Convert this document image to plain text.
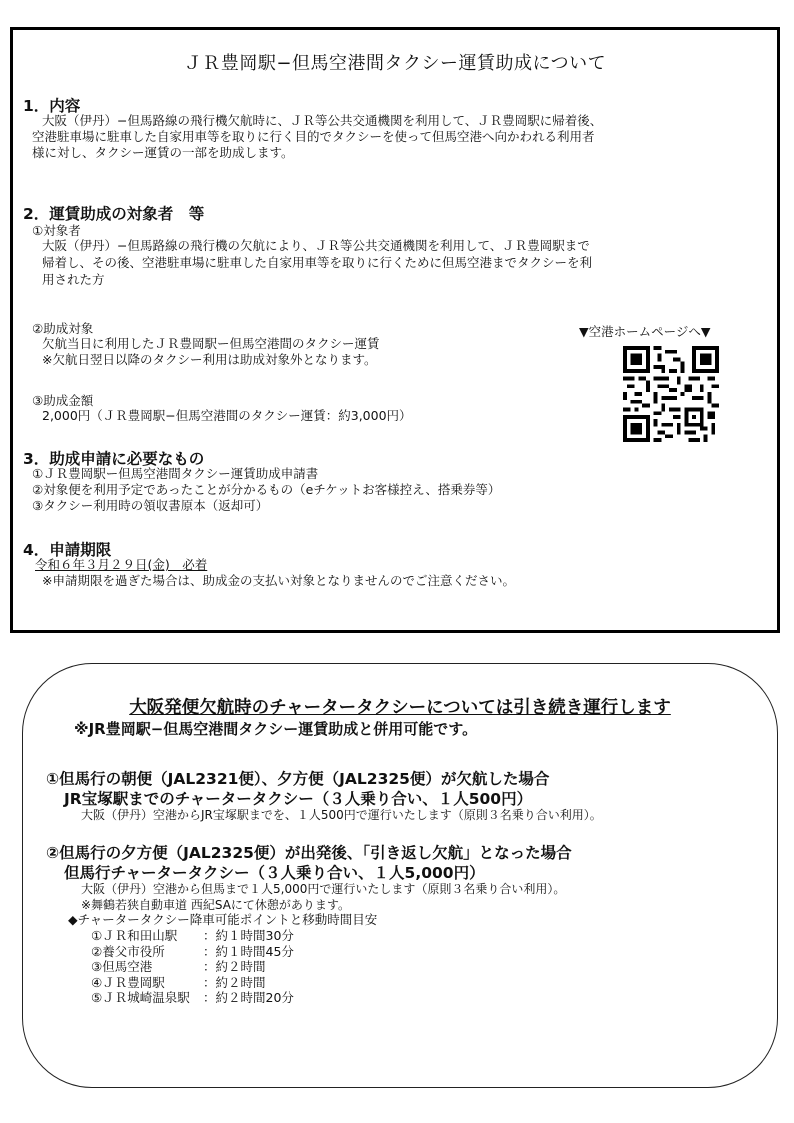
ＪＲ豊岡駅−但馬空港間タクシー運賃助成について
1．内容
大阪（伊丹）−但馬路線の飛行機欠航時に、ＪＲ等公共交通機関を利用して、ＪＲ豊岡駅に帰着後、
空港駐車場に駐車した自家用車等を取りに行く目的でタクシーを使って但馬空港へ向かわれる利用者
様に対し、タクシー運賃の一部を助成します。
2．運賃助成の対象者　等
①対象者
大阪（伊丹）−但馬路線の飛行機の欠航により、ＪＲ等公共交通機関を利用して、ＪＲ豊岡駅まで
帰着し、その後、空港駐車場に駐車した自家用車等を取りに行くために但馬空港までタクシーを利
用された方
②助成対象
欠航当日に利用したＪＲ豊岡駅ー但馬空港間のタクシー運賃
※欠航日翌日以降のタクシー利用は助成対象外となります。
▼空港ホームページへ▼
③助成金額
2,000円（ＪＲ豊岡駅−但馬空港間のタクシー運賃：約3,000円）
3．助成申請に必要なもの
①ＪＲ豊岡駅ー但馬空港間タクシー運賃助成申請書
②対象便を利用予定であったことが分かるもの（eチケットお客様控え、搭乗券等）
③タクシー利用時の領収書原本（返却可）
4．申請期限
令和６年３月２９日(金)　必着
※申請期限を過ぎた場合は、助成金の支払い対象となりませんのでご注意ください。
大阪発便欠航時のチャータータクシーについては引き続き運行します
※JR豊岡駅−但馬空港間タクシー運賃助成と併用可能です。
①但馬行の朝便（JAL2321便）、夕方便（JAL2325便）が欠航した場合
JR宝塚駅までのチャータータクシー（３人乗り合い、１人500円）
大阪（伊丹）空港からJR宝塚駅までを、１人500円で運行いたします（原則３名乗り合い利用）。
②但馬行の夕方便（JAL2325便）が出発後、「引き返し欠航」となった場合
但馬行チャータータクシー（３人乗り合い、１人5,000円）
大阪（伊丹）空港から但馬まで１人5,000円で運行いたします（原則３名乗り合い利用）。
※舞鶴若狭自動車道 西紀SAにて休憩があります。
◆チャータータクシー降車可能ポイントと移動時間目安
①ＪＲ和田山駅 ：約１時間30分
②養父市役所	：約１時間45分
③但馬空港	：約２時間
④ＪＲ豊岡駅	：約２時間
⑤ＪＲ城崎温泉駅 ：約２時間20分
